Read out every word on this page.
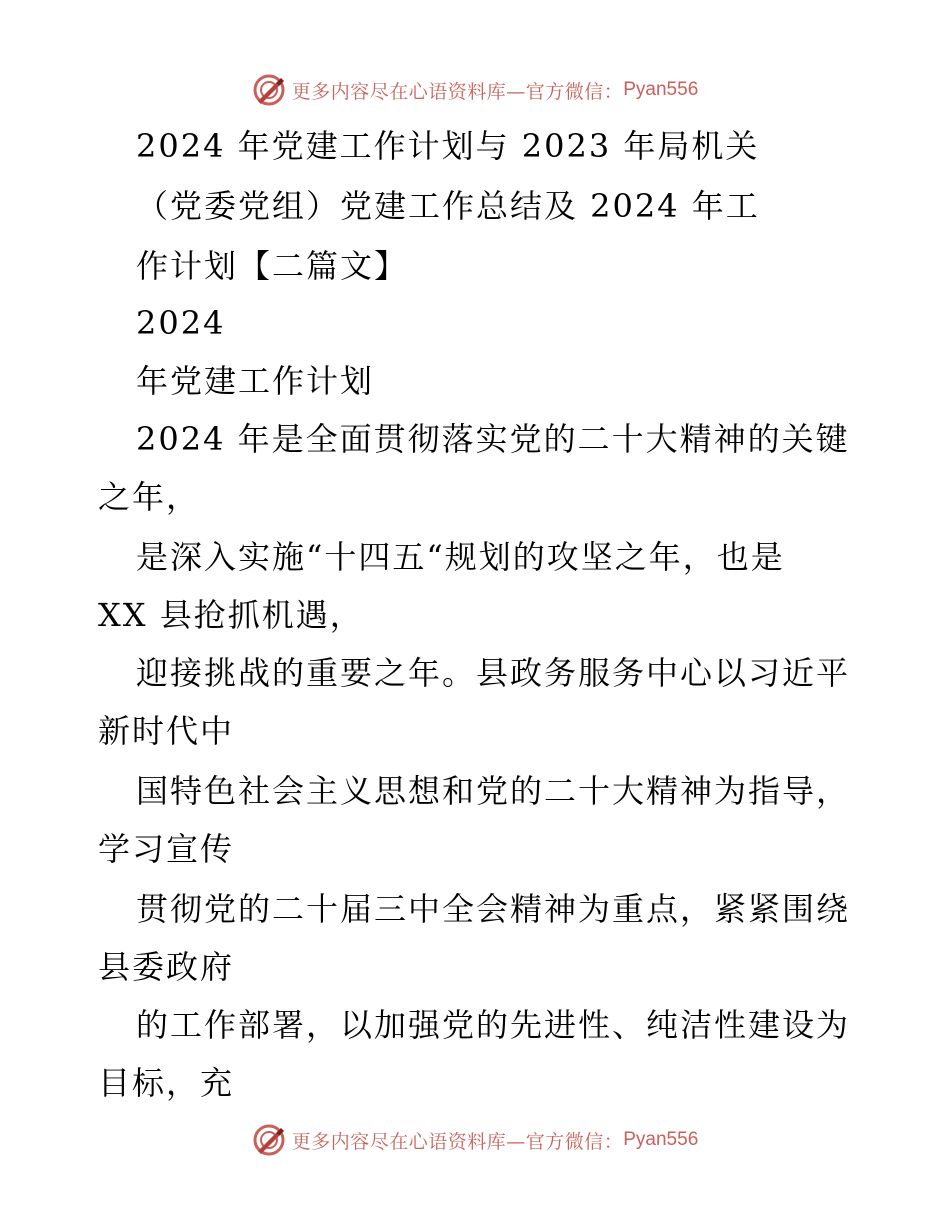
更多内容尽在心语资料库—官方微信： Pyan556
2024 年党建工作计划与 2023 年局机关
（党委党组）党建工作总结及 2024 年工
作计划【二篇文】
2024
年党建工作计划
2024 年是全面贯彻落实党的二十大精神的关键
之年，
是深入实施“十四五“规划的攻坚之年，也是
XX 县抢抓机遇，
迎接挑战的重要之年。县政务服务中心以习近平
新时代中
国特色社会主义思想和党的二十大精神为指导，
学习宣传
贯彻党的二十届三中全会精神为重点，紧紧围绕
县委政府
的工作部署，以加强党的先进性、纯洁性建设为
目标，充
更多内容尽在心语资料库—官方微信： Pyan556
